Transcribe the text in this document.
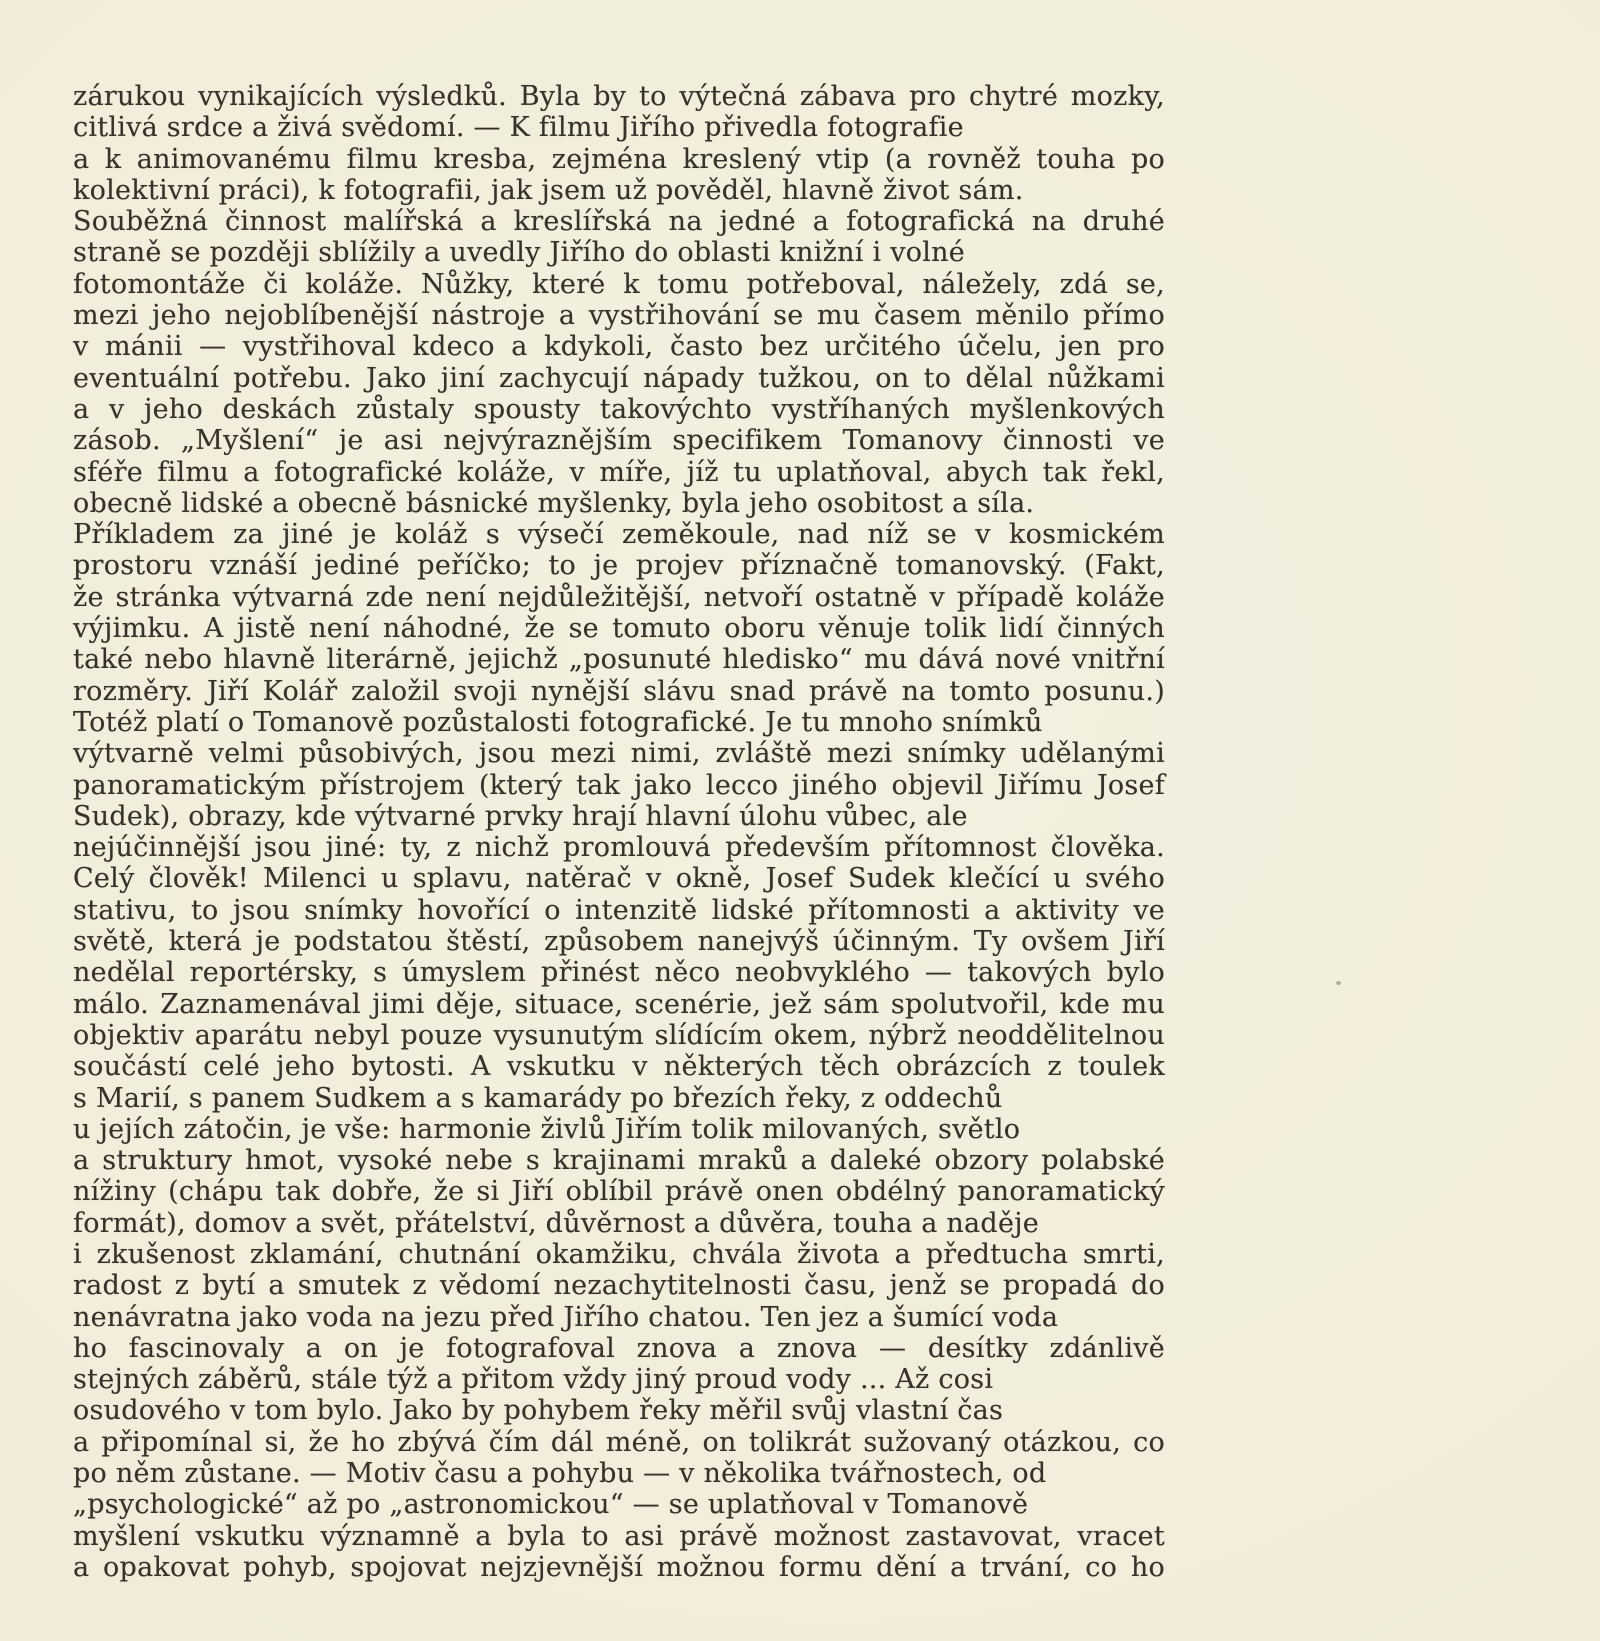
zárukou vynikajících výsledků. Byla by to výtečná zábava pro chytré mozky,
citlivá srdce a živá svědomí. — K filmu Jiřího přivedla fotografie
a k animovanému filmu kresba, zejména kreslený vtip (a rovněž touha po
kolektivní práci), k fotografii, jak jsem už pověděl, hlavně život sám.
Souběžná činnost malířská a kreslířská na jedné a fotografická na druhé
straně se později sblížily a uvedly Jiřího do oblasti knižní i volné
fotomontáže či koláže. Nůžky, které k tomu potřeboval, náležely, zdá se,
mezi jeho nejoblíbenější nástroje a vystřihování se mu časem měnilo přímo
v mánii — vystřihoval kdeco a kdykoli, často bez určitého účelu, jen pro
eventuální potřebu. Jako jiní zachycují nápady tužkou, on to dělal nůžkami
a v jeho deskách zůstaly spousty takovýchto vystříhaných myšlenkových
zásob. „Myšlení“ je asi nejvýraznějším specifikem Tomanovy činnosti ve
sféře filmu a fotografické koláže, v míře, jíž tu uplatňoval, abych tak řekl,
obecně lidské a obecně básnické myšlenky, byla jeho osobitost a síla.
Příkladem za jiné je koláž s výsečí zeměkoule, nad níž se v kosmickém
prostoru vznáší jediné peříčko; to je projev příznačně tomanovský. (Fakt,
že stránka výtvarná zde není nejdůležitější, netvoří ostatně v případě koláže
výjimku. A jistě není náhodné, že se tomuto oboru věnuje tolik lidí činných
také nebo hlavně literárně, jejichž „posunuté hledisko“ mu dává nové vnitřní
rozměry. Jiří Kolář založil svoji nynější slávu snad právě na tomto posunu.)
Totéž platí o Tomanově pozůstalosti fotografické. Je tu mnoho snímků
výtvarně velmi působivých, jsou mezi nimi, zvláště mezi snímky udělanými
panoramatickým přístrojem (který tak jako lecco jiného objevil Jiřímu Josef
Sudek), obrazy, kde výtvarné prvky hrají hlavní úlohu vůbec, ale
nejúčinnější jsou jiné: ty, z nichž promlouvá především přítomnost člověka.
Celý člověk! Milenci u splavu, natěrač v okně, Josef Sudek klečící u svého
stativu, to jsou snímky hovořící o intenzitě lidské přítomnosti a aktivity ve
světě, která je podstatou štěstí, způsobem nanejvýš účinným. Ty ovšem Jiří
nedělal reportérsky, s úmyslem přinést něco neobvyklého — takových bylo
málo. Zaznamenával jimi děje, situace, scenérie, jež sám spolutvořil, kde mu
objektiv aparátu nebyl pouze vysunutým slídícím okem, nýbrž neoddělitelnou
součástí celé jeho bytosti. A vskutku v některých těch obrázcích z toulek
s Marií, s panem Sudkem a s kamarády po březích řeky, z oddechů
u jejích zátočin, je vše: harmonie živlů Jiřím tolik milovaných, světlo
a struktury hmot, vysoké nebe s krajinami mraků a daleké obzory polabské
nížiny (chápu tak dobře, že si Jiří oblíbil právě onen obdélný panoramatický
formát), domov a svět, přátelství, důvěrnost a důvěra, touha a naděje
i zkušenost zklamání, chutnání okamžiku, chvála života a předtucha smrti,
radost z bytí a smutek z vědomí nezachytitelnosti času, jenž se propadá do
nenávratna jako voda na jezu před Jiřího chatou. Ten jez a šumící voda
ho fascinovaly a on je fotografoval znova a znova — desítky zdánlivě
stejných záběrů, stále týž a přitom vždy jiný proud vody ... Až cosi
osudového v tom bylo. Jako by pohybem řeky měřil svůj vlastní čas
a připomínal si, že ho zbývá čím dál méně, on tolikrát sužovaný otázkou, co
po něm zůstane. — Motiv času a pohybu — v několika tvářnostech, od
„psychologické“ až po „astronomickou“ — se uplatňoval v Tomanově
myšlení vskutku významně a byla to asi právě možnost zastavovat, vracet
a opakovat pohyb, spojovat nejzjevnější možnou formu dění a trvání, co ho
